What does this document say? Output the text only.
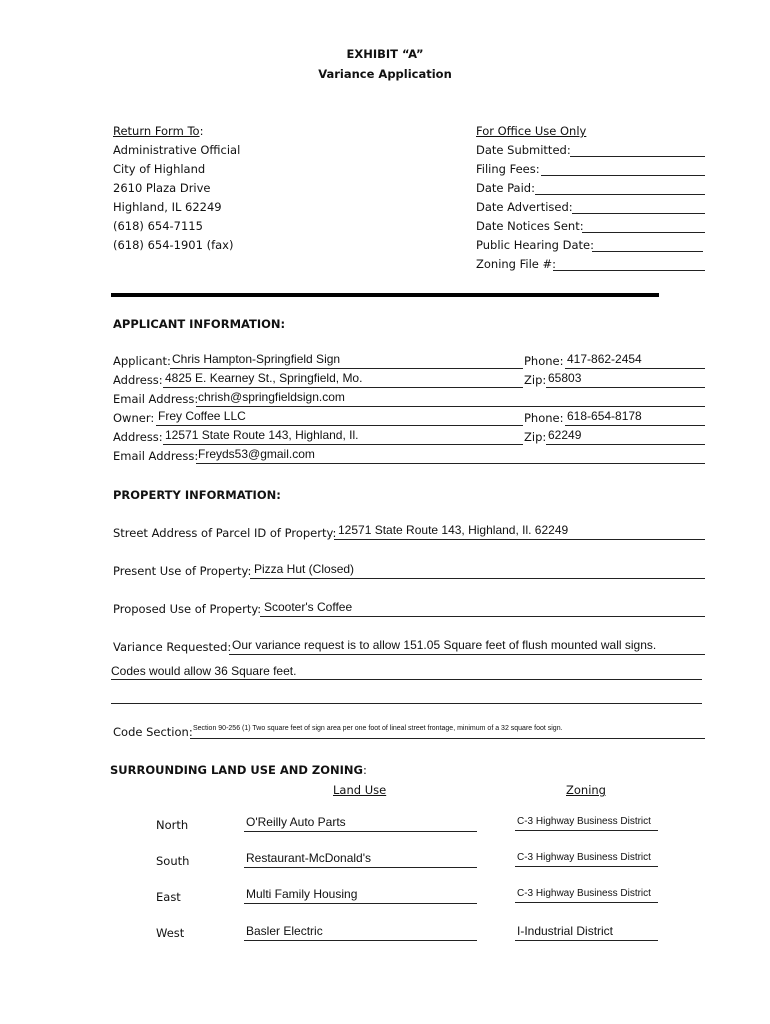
EXHIBIT “A”
Variance Application
Return Form To:
Administrative Official
City of Highland
2610 Plaza Drive
Highland, IL 62249
(618) 654-7115
(618) 654-1901 (fax)
For Office Use Only
Date Submitted:
Filing Fees:
Date Paid:
Date Advertised:
Date Notices Sent:
Public Hearing Date:
Zoning File #:
APPLICANT INFORMATION:
Applicant: Chris Hampton-Springfield Sign	Phone: 417-862-2454
Address: 4825 E. Kearney St., Springfield, Mo.	Zip: 65803
Email Address: chrish@springfieldsign.com
Owner: Frey Coffee LLC	Phone: 618-654-8178
Address: 12571 State Route 143, Highland, Il.	Zip: 62249
Email Address: Freyds53@gmail.com
PROPERTY INFORMATION:
Street Address of Parcel ID of Property: 12571 State Route 143, Highland, Il. 62249
Present Use of Property: Pizza Hut (Closed)
Proposed Use of Property: Scooter's Coffee
Variance Requested: Our variance request is to allow 151.05 Square feet of flush mounted wall signs.
Codes would allow 36 Square feet.
Code Section: Section 90-256 (1) Two square feet of sign area per one foot of lineal street frontage, minimum of a 32 square foot sign.
SURROUNDING LAND USE AND ZONING:
Land Use	Zoning
North	O'Reilly Auto Parts	C-3 Highway Business District
South	Restaurant-McDonald's	C-3 Highway Business District
East	Multi Family Housing	C-3 Highway Business District
West	Basler Electric	I-Industrial District
